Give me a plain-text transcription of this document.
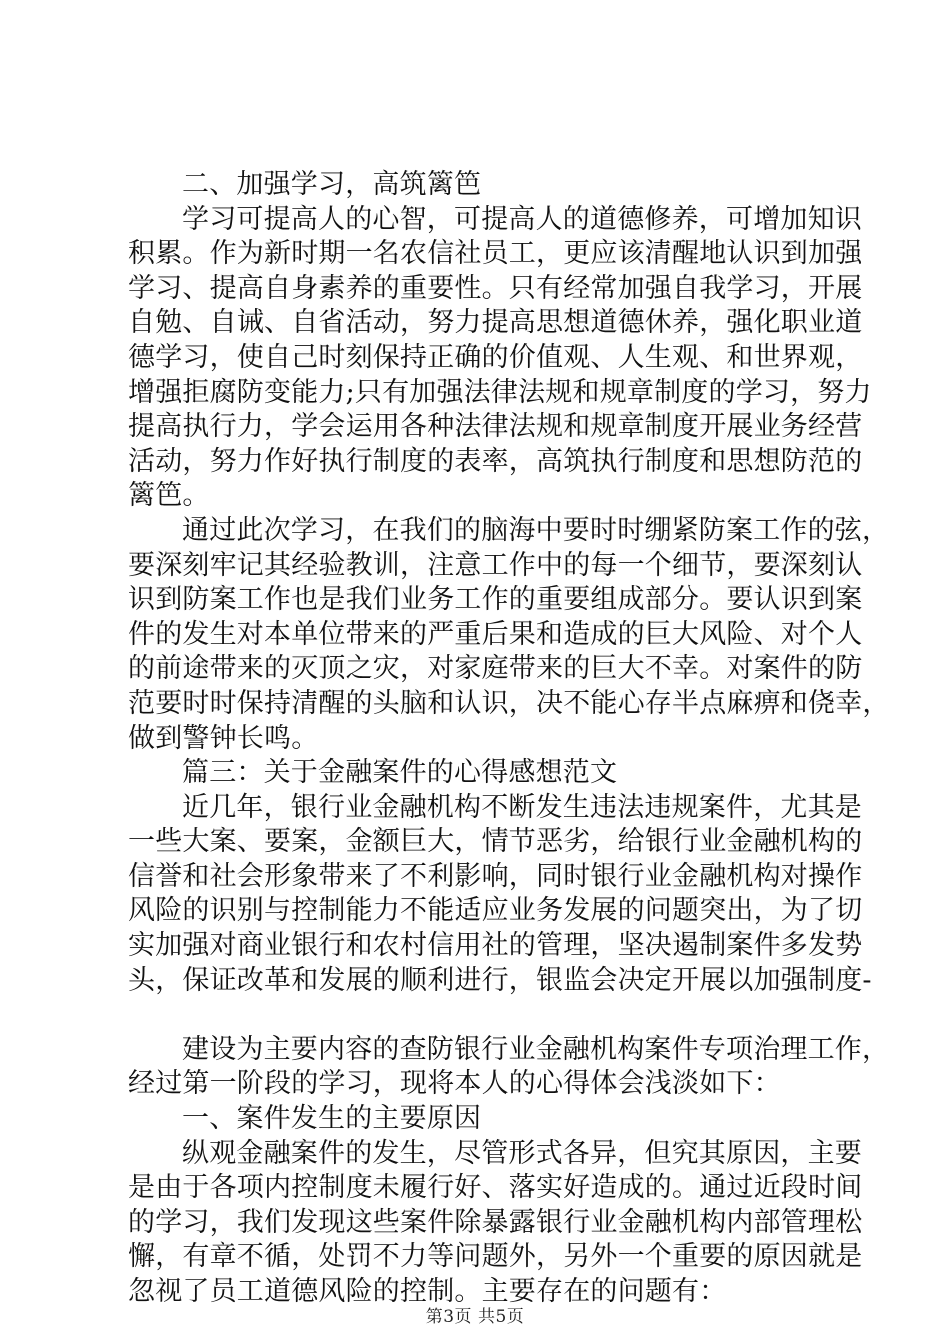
二、加强学习，高筑篱笆
学习可提高人的心智，可提高人的道德修养，可增加知识
积累。作为新时期一名农信社员工，更应该清醒地认识到加强
学习、提高自身素养的重要性。只有经常加强自我学习，开展
自勉、自诫、自省活动，努力提高思想道德休养，强化职业道
德学习，使自己时刻保持正确的价值观、人生观、和世界观，
增强拒腐防变能力;只有加强法律法规和规章制度的学习，努力
提高执行力，学会运用各种法律法规和规章制度开展业务经营
活动，努力作好执行制度的表率，高筑执行制度和思想防范的
篱笆。
通过此次学习，在我们的脑海中要时时绷紧防案工作的弦，
要深刻牢记其经验教训，注意工作中的每一个细节，要深刻认
识到防案工作也是我们业务工作的重要组成部分。要认识到案
件的发生对本单位带来的严重后果和造成的巨大风险、对个人
的前途带来的灭顶之灾，对家庭带来的巨大不幸。对案件的防
范要时时保持清醒的头脑和认识，决不能心存半点麻痹和侥幸，
做到警钟长鸣。
篇三：关于金融案件的心得感想范文
近几年，银行业金融机构不断发生违法违规案件，尤其是
一些大案、要案，金额巨大，情节恶劣，给银行业金融机构的
信誉和社会形象带来了不利影响，同时银行业金融机构对操作
风险的识别与控制能力不能适应业务发展的问题突出，为了切
实加强对商业银行和农村信用社的管理，坚决遏制案件多发势
头，保证改革和发展的顺利进行，银监会决定开展以加强制度-
建设为主要内容的查防银行业金融机构案件专项治理工作，
经过第一阶段的学习，现将本人的心得体会浅淡如下：
一、案件发生的主要原因
纵观金融案件的发生，尽管形式各异，但究其原因，主要
是由于各项内控制度未履行好、落实好造成的。通过近段时间
的学习，我们发现这些案件除暴露银行业金融机构内部管理松
懈，有章不循，处罚不力等问题外，另外一个重要的原因就是
忽视了员工道德风险的控制。主要存在的问题有：
第3页 共5页
